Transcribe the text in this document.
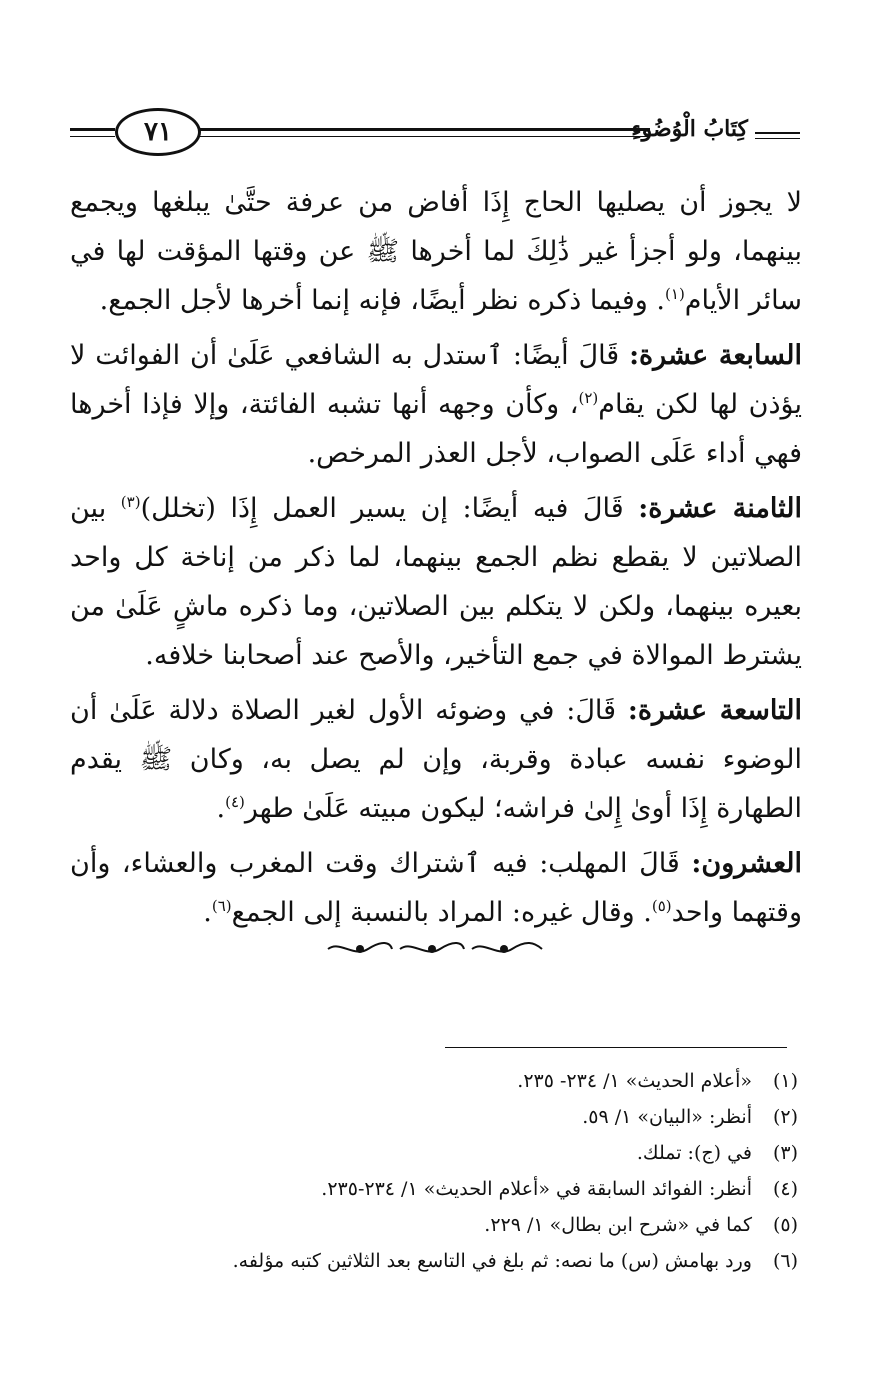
٧١	كِتَابُ الْوُضُوءِ

لا يجوز أن يصليها الحاج إِذَا أفاض من عرفة حتَّىٰ يبلغها ويجمع بينهما، ولو أجزأ غير ذَٰلِكَ لما أخرها ﷺ عن وقتها المؤقت لها في سائر الأيام$^{(١)}$. وفيما ذكره نظر أيضًا، فإنه إنما أخرها لأجل الجمع.

السابعة عشرة: قَالَ أيضًا: ٱستدل به الشافعي عَلَىٰ أن الفوائت لا يؤذن لها لكن يقام$^{(٢)}$، وكأن وجهه أنها تشبه الفائتة، وإلا فإذا أخرها فهي أداء عَلَى الصواب، لأجل العذر المرخص.

الثامنة عشرة: قَالَ فيه أيضًا: إن يسير العمل إِذَا (تخلل)$^{(٣)}$ بين الصلاتين لا يقطع نظم الجمع بينهما، لما ذكر من إناخة كل واحد بعيره بينهما، ولكن لا يتكلم بين الصلاتين، وما ذكره ماشٍ عَلَىٰ من يشترط الموالاة في جمع التأخير، والأصح عند أصحابنا خلافه.

التاسعة عشرة: قَالَ: في وضوئه الأول لغير الصلاة دلالة عَلَىٰ أن الوضوء نفسه عبادة وقربة، وإن لم يصل به، وكان ﷺ يقدم الطهارة إِذَا أوىٰ إِلىٰ فراشه؛ ليكون مبيته عَلَىٰ طهر$^{(٤)}$.

العشرون: قَالَ المهلب: فيه ٱشتراك وقت المغرب والعشاء، وأن وقتهما واحد$^{(٥)}$. وقال غيره: المراد بالنسبة إلى الجمع$^{(٦)}$.

(١)
«أعلام الحديث» ١/ ٢٣٤- ٢٣٥.
(٢)
أنظر: «البيان» ١/ ٥٩.
(٣)
في (ج): تملك.
(٤)
أنظر: الفوائد السابقة في «أعلام الحديث» ١/ ٢٣٤-٢٣٥.
(٥)
كما في «شرح ابن بطال» ١/ ٢٢٩.
(٦)
ورد بهامش (س) ما نصه: ثم بلغ في التاسع بعد الثلاثين كتبه مؤلفه.
